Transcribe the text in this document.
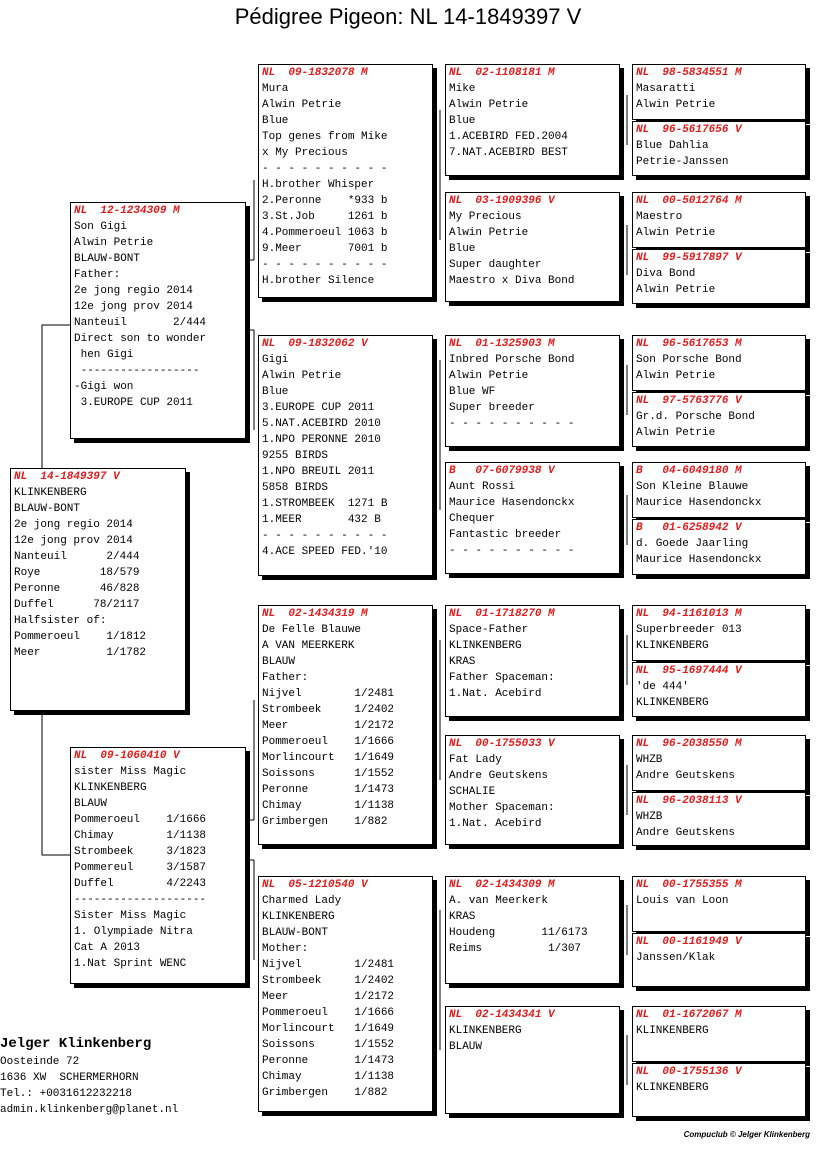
Pédigree Pigeon: NL 14-1849397 V
NL  14-1849397 V
KLINKENBERG
BLAUW-BONT
2e jong regio 2014
12e jong prov 2014
Nanteuil      2/444
Roye         18/579
Peronne      46/828
Duffel      78/2117
Halfsister of:
Pommeroeul    1/1812
Meer          1/1782
NL  12-1234309 M
Son Gigi
Alwin Petrie
BLAUW-BONT
Father:
2e jong regio 2014
12e jong prov 2014
Nanteuil       2/444
Direct son to wonder
hen Gigi
------------------
-Gigi won
3.EUROPE CUP 2011
NL  09-1060410 V
sister Miss Magic
KLINKENBERG
BLAUW
Pommeroeul    1/1666
Chimay        1/1138
Strombeek     3/1823
Pommereul     3/1587
Duffel        4/2243
--------------------
Sister Miss Magic
1. Olympiade Nitra
Cat A 2013
1.Nat Sprint WENC
NL  09-1832078 M
Mura
Alwin Petrie
Blue
Top genes from Mike
x My Precious
- - - - - - - - - -
H.brother Whisper
2.Peronne    *933 b
3.St.Job     1261 b
4.Pommeroeul 1063 b
9.Meer       7001 b
- - - - - - - - - -
H.brother Silence
NL  09-1832062 V
Gigi
Alwin Petrie
Blue
3.EUROPE CUP 2011
5.NAT.ACEBIRD 2010
1.NPO PERONNE 2010
9255 BIRDS
1.NPO BREUIL 2011
5858 BIRDS
1.STROMBEEK  1271 B
1.MEER       432 B
- - - - - - - - - -
4.ACE SPEED FED.'10
NL  02-1434319 M
De Felle Blauwe
A VAN MEERKERK
BLAUW
Father:
Nijvel        1/2481
Strombeek     1/2402
Meer          1/2172
Pommeroeul    1/1666
Morlincourt   1/1649
Soissons      1/1552
Peronne       1/1473
Chimay        1/1138
Grimbergen    1/882
NL  05-1210540 V
Charmed Lady
KLINKENBERG
BLAUW-BONT
Mother:
Nijvel        1/2481
Strombeek     1/2402
Meer          1/2172
Pommeroeul    1/1666
Morlincourt   1/1649
Soissons      1/1552
Peronne       1/1473
Chimay        1/1138
Grimbergen    1/882
NL  02-1108181 M
Mike
Alwin Petrie
Blue
1.ACEBIRD FED.2004
7.NAT.ACEBIRD BEST
NL  03-1909396 V
My Precious
Alwin Petrie
Blue
Super daughter
Maestro x Diva Bond
NL  01-1325903 M
Inbred Porsche Bond
Alwin Petrie
Blue WF
Super breeder
- - - - - - - - - -
B   07-6079938 V
Aunt Rossi
Maurice Hasendonckx
Chequer
Fantastic breeder
- - - - - - - - - -
NL  01-1718270 M
Space-Father
KLINKENBERG
KRAS
Father Spaceman:
1.Nat. Acebird
NL  00-1755033 V
Fat Lady
Andre Geutskens
SCHALIE
Mother Spaceman:
1.Nat. Acebird
NL  02-1434309 M
A. van Meerkerk
KRAS
Houdeng       11/6173
Reims          1/307
NL  02-1434341 V
KLINKENBERG
BLAUW
NL  98-5834551 M
Masaratti
Alwin Petrie
NL  96-5617656 V
Blue Dahlia
Petrie-Janssen
NL  00-5012764 M
Maestro
Alwin Petrie
NL  99-5917897 V
Diva Bond
Alwin Petrie
NL  96-5617653 M
Son Porsche Bond
Alwin Petrie
NL  97-5763776 V
Gr.d. Porsche Bond
Alwin Petrie
B   04-6049180 M
Son Kleine Blauwe
Maurice Hasendonckx
B   01-6258942 V
d. Goede Jaarling
Maurice Hasendonckx
NL  94-1161013 M
Superbreeder 013
KLINKENBERG
NL  95-1697444 V
'de 444'
KLINKENBERG
NL  96-2038550 M
WHZB
Andre Geutskens
NL  96-2038113 V
WHZB
Andre Geutskens
NL  00-1755355 M
Louis van Loon
NL  00-1161949 V
Janssen/Klak
NL  01-1672067 M
KLINKENBERG
NL  00-1755136 V
KLINKENBERG
Jelger Klinkenberg
Oosteinde 72
1636 XW  SCHERMERHORN
Tel.: +0031612232218
admin.klinkenberg@planet.nl
Compuclub © Jelger Klinkenberg
